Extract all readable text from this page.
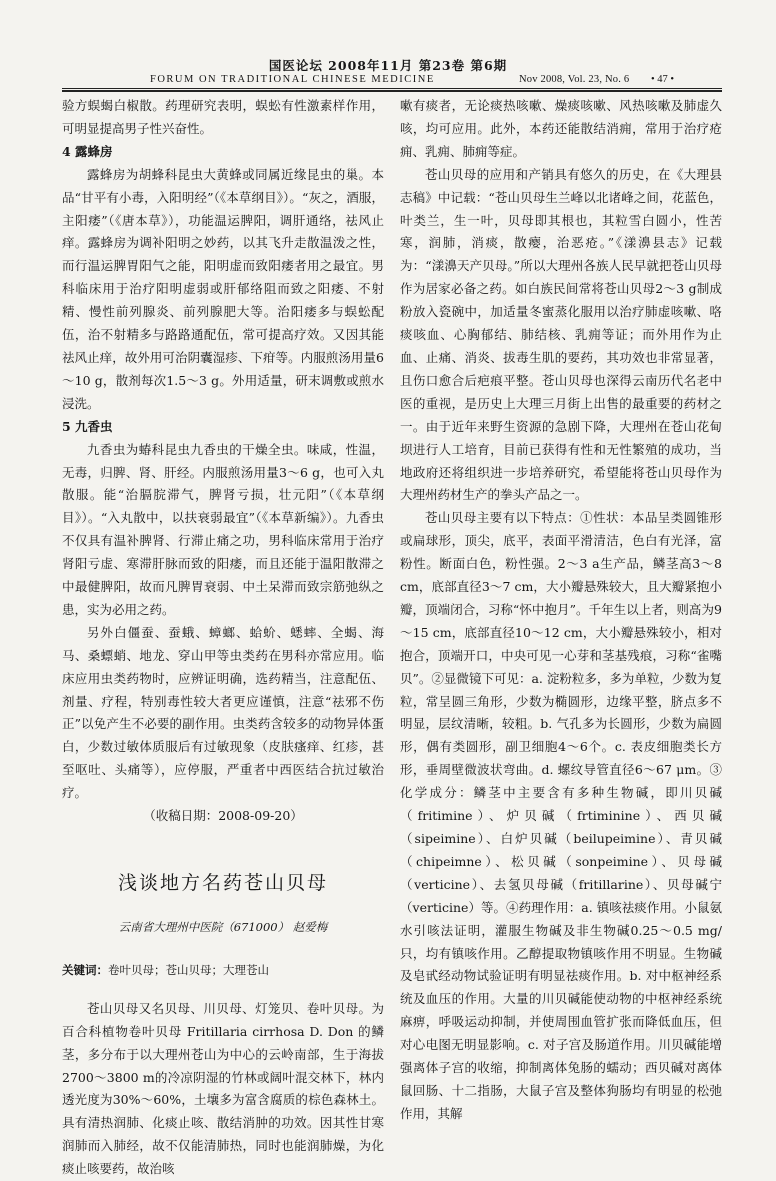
国医论坛 2008年11月 第23卷 第6期
FORUM ON TRADITIONAL CHINESE MEDICINE	Nov 2008, Vol. 23, No. 6 • 47 •

验方蜈蝎白椒散。药理研究表明，蜈蚣有性激素样作用，可明显提高男子性兴奋性。

4 露蜂房

露蜂房为胡蜂科昆虫大黄蜂或同属近缘昆虫的巢。本品“甘平有小毒，入阳明经”（《本草纲目》）。“灰之，酒服，主阳痿”（《唐本草》），功能温运脾阳，调肝通络，祛风止痒。露蜂房为调补阳明之妙药，以其飞升走散温泼之性，而行温运脾胃阳气之能，阳明虚而致阳痿者用之最宜。男科临床用于治疗阳明虚弱或肝郁络阻而致之阳痿、不射精、慢性前列腺炎、前列腺肥大等。治阳痿多与蜈蚣配伍，治不射精多与路路通配伍，常可提高疗效。又因其能祛风止痒，故外用可治阴囊湿疹、下疳等。内服煎汤用量6～10 g，散剂每次1.5～3 g。外用适量，研末调敷或煎水浸洗。

5 九香虫

九香虫为蝽科昆虫九香虫的干燥全虫。味咸，性温，无毒，归脾、肾、肝经。内服煎汤用量3～6 g，也可入丸散服。能“治膈脘滞气，脾肾亏损，壮元阳”（《本草纲目》）。“入丸散中，以扶衰弱最宜”（《本草新编》）。九香虫不仅具有温补脾肾、行滞止痛之功，男科临床常用于治疗肾阳亏虚、寒滞肝脉而致的阳痿，而且还能于温阳散滞之中最健脾阳，故而凡脾胃衰弱、中土呆滞而致宗筋弛纵之患，实为必用之药。

另外白僵蚕、蚕蛾、蟑螂、蛤蚧、蟋蟀、全蝎、海马、桑螵蛸、地龙、穿山甲等虫类药在男科亦常应用。临床应用虫类药物时，应辨证明确，选药精当，注意配伍、剂量、疗程，特别毒性较大者更应谨慎，注意“祛邪不伤正”以免产生不必要的副作用。虫类药含较多的动物异体蛋白，少数过敏体质服后有过敏现象（皮肤瘙痒、红疹，甚至呕吐、头痛等），应停服，严重者中西医结合抗过敏治疗。

（收稿日期：2008-09-20）
浅谈地方名药苍山贝母
云南省大理州中医院（671000） 赵爱梅
关键词：卷叶贝母；苍山贝母；大理苍山

苍山贝母又名贝母、川贝母、灯笼贝、卷叶贝母。为百合科植物卷叶贝母 Fritillaria cirrhosa D. Don 的鳞茎，多分布于以大理州苍山为中心的云岭南部，生于海拔2700～3800 m的冷凉阴湿的竹林或阔叶混交林下，林内透光度为30%～60%，土壤多为富含腐质的棕色森林土。具有清热润肺、化痰止咳、散结消肿的功效。因其性甘寒润肺而入肺经，故不仅能清肺热，同时也能润肺燥，为化痰止咳要药，故治咳

嗽有痰者，无论痰热咳嗽、燥痰咳嗽、风热咳嗽及肺虚久咳，均可应用。此外，本药还能散结消痈，常用于治疗疮痈、乳痈、肺痈等症。

苍山贝母的应用和产销具有悠久的历史，在《大理县志稿》中记载：“苍山贝母生兰峰以北诸峰之间，花蓝色，叶类兰，生一叶，贝母即其根也，其粒雪白圆小，性苦寒，润肺，消痰，散瘿，治恶疮。”《漾濞县志》记载为：“漾濞天产贝母。”所以大理州各族人民早就把苍山贝母作为居家必备之药。如白族民间常将苍山贝母2～3 g制成粉放入瓷碗中，加适量冬蜜蒸化服用以治疗肺虚咳嗽、咯痰咳血、心胸郁结、肺结核、乳痈等证；而外用作为止血、止痛、消炎、拔毒生肌的要药，其功效也非常显著，且伤口愈合后疤痕平整。苍山贝母也深得云南历代名老中医的重视，是历史上大理三月街上出售的最重要的药材之一。由于近年来野生资源的急剧下降，大理州在苍山花甸坝进行人工培育，目前已获得有性和无性繁殖的成功，当地政府还将组织进一步培养研究，希望能将苍山贝母作为大理州药材生产的拳头产品之一。

苍山贝母主要有以下特点：①性状：本品呈类圆锥形或扁球形，顶尖，底平，表面平滑清洁，色白有光泽，富粉性。断面白色，粉性强。2～3 a生产品，鳞茎高3～8 cm，底部直径3～7 cm，大小瓣悬殊较大，且大瓣紧抱小瓣，顶端闭合，习称“怀中抱月”。千年生以上者，则高为9～15 cm，底部直径10～12 cm，大小瓣悬殊较小，相对抱合，顶端开口，中央可见一心芽和茎基残痕，习称“雀嘴贝”。②显微镜下可见：a. 淀粉粒多，多为单粒，少数为复粒，常呈圆三角形，少数为椭圆形，边缘平整，脐点多不明显，层纹清晰，较粗。b. 气孔多为长圆形，少数为扁圆形，偶有类圆形，副卫细胞4～6个。c. 表皮细胞类长方形，垂周壁微波状弯曲。d. 螺纹导管直径6～67 μm。③化学成分：鳞茎中主要含有多种生物碱，即川贝碱（fritimine）、炉贝碱（frtiminine）、西贝碱（sipeimine）、白炉贝碱（beilupeimine）、青贝碱（chipeimne）、松贝碱（sonpeimine）、贝母碱（verticine）、去氢贝母碱（fritillarine）、贝母碱宁（verticine）等。④药理作用：a. 镇咳祛痰作用。小鼠氨水引咳法证明，灌服生物碱及非生物碱0.25～0.5 mg/只，均有镇咳作用。乙醇提取物镇咳作用不明显。生物碱及皂甙经动物试验证明有明显祛痰作用。b. 对中枢神经系统及血压的作用。大量的川贝碱能使动物的中枢神经系统麻痹，呼吸运动抑制，并使周围血管扩张而降低血压，但对心电图无明显影响。c. 对子宫及肠道作用。川贝碱能增强离体子宫的收缩，抑制离体兔肠的蠕动；西贝碱对离体鼠回肠、十二指肠，大鼠子宫及整体狗肠均有明显的松弛作用，其解
